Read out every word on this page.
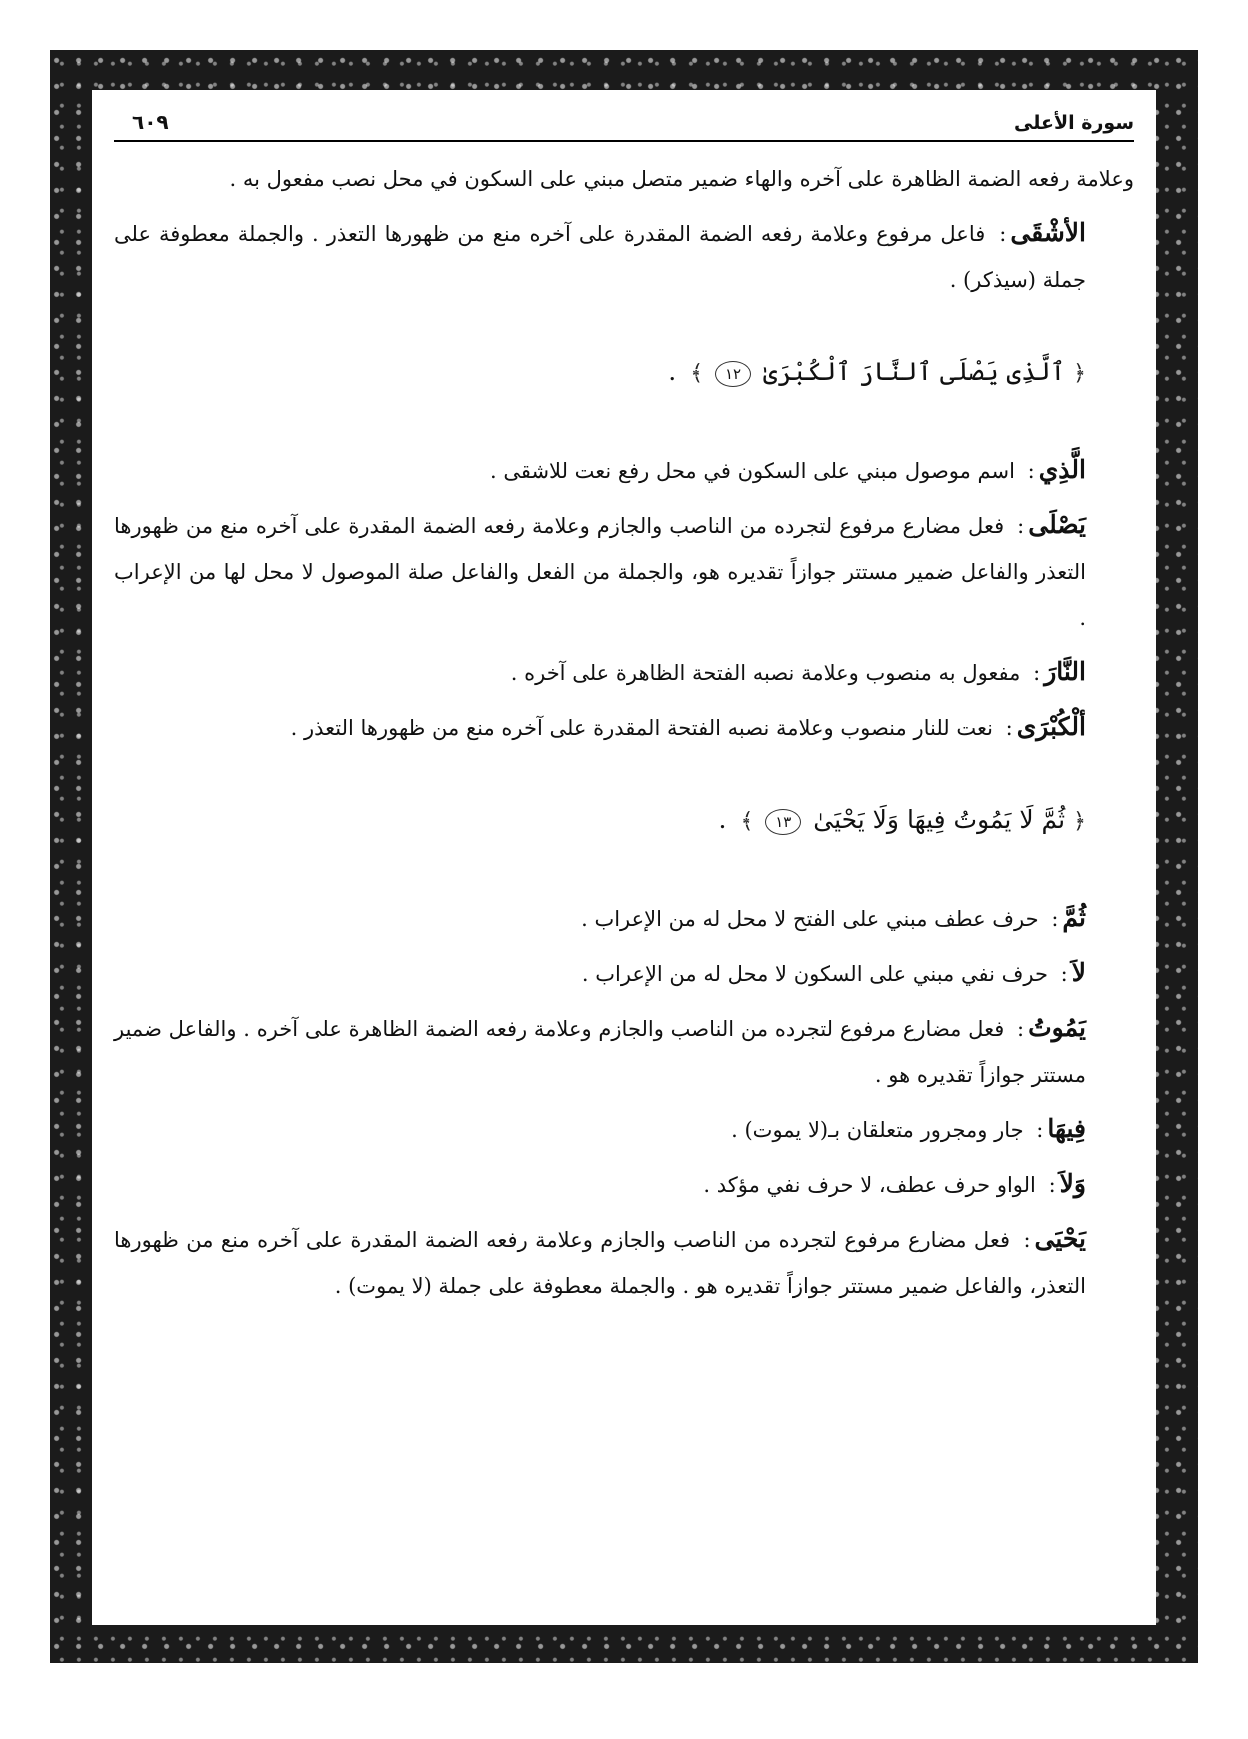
سورة الأعلى
٦٠٩

وعلامة رفعه الضمة الظاهرة على آخره والهاء ضمير متصل مبني على السكون في محل نصب مفعول به .

الأشْقَى: فاعل مرفوع وعلامة رفعه الضمة المقدرة على آخره منع من ظهورها التعذر . والجملة معطوفة على جملة (سيذكر) .

﴿ ٱلَّذِى يَصْلَى ٱلنَّارَ ٱلْكُبْرَىٰ ١٢ ﴾ .

الَّذِي: اسم موصول مبني على السكون في محل رفع نعت للاشقى .

يَصْلَى: فعل مضارع مرفوع لتجرده من الناصب والجازم وعلامة رفعه الضمة المقدرة على آخره منع من ظهورها التعذر والفاعل ضمير مستتر جوازاً تقديره هو، والجملة من الفعل والفاعل صلة الموصول لا محل لها من الإعراب .

النَّارَ: مفعول به منصوب وعلامة نصبه الفتحة الظاهرة على آخره .

ألْكُبْرَى: نعت للنار منصوب وعلامة نصبه الفتحة المقدرة على آخره منع من ظهورها التعذر .

﴿ ثُمَّ لَا يَمُوتُ فِيهَا وَلَا يَحْيَىٰ ١٣ ﴾ .

ثُمَّ: حرف عطف مبني على الفتح لا محل له من الإعراب .

لاَ: حرف نفي مبني على السكون لا محل له من الإعراب .

يَمُوتُ: فعل مضارع مرفوع لتجرده من الناصب والجازم وعلامة رفعه الضمة الظاهرة على آخره . والفاعل ضمير مستتر جوازاً تقديره هو .

فِيهَا: جار ومجرور متعلقان بـ(لا يموت) .

وَلاَ: الواو حرف عطف، لا حرف نفي مؤكد .

يَحْيَى: فعل مضارع مرفوع لتجرده من الناصب والجازم وعلامة رفعه الضمة المقدرة على آخره منع من ظهورها التعذر، والفاعل ضمير مستتر جوازاً تقديره هو . والجملة معطوفة على جملة (لا يموت) .
